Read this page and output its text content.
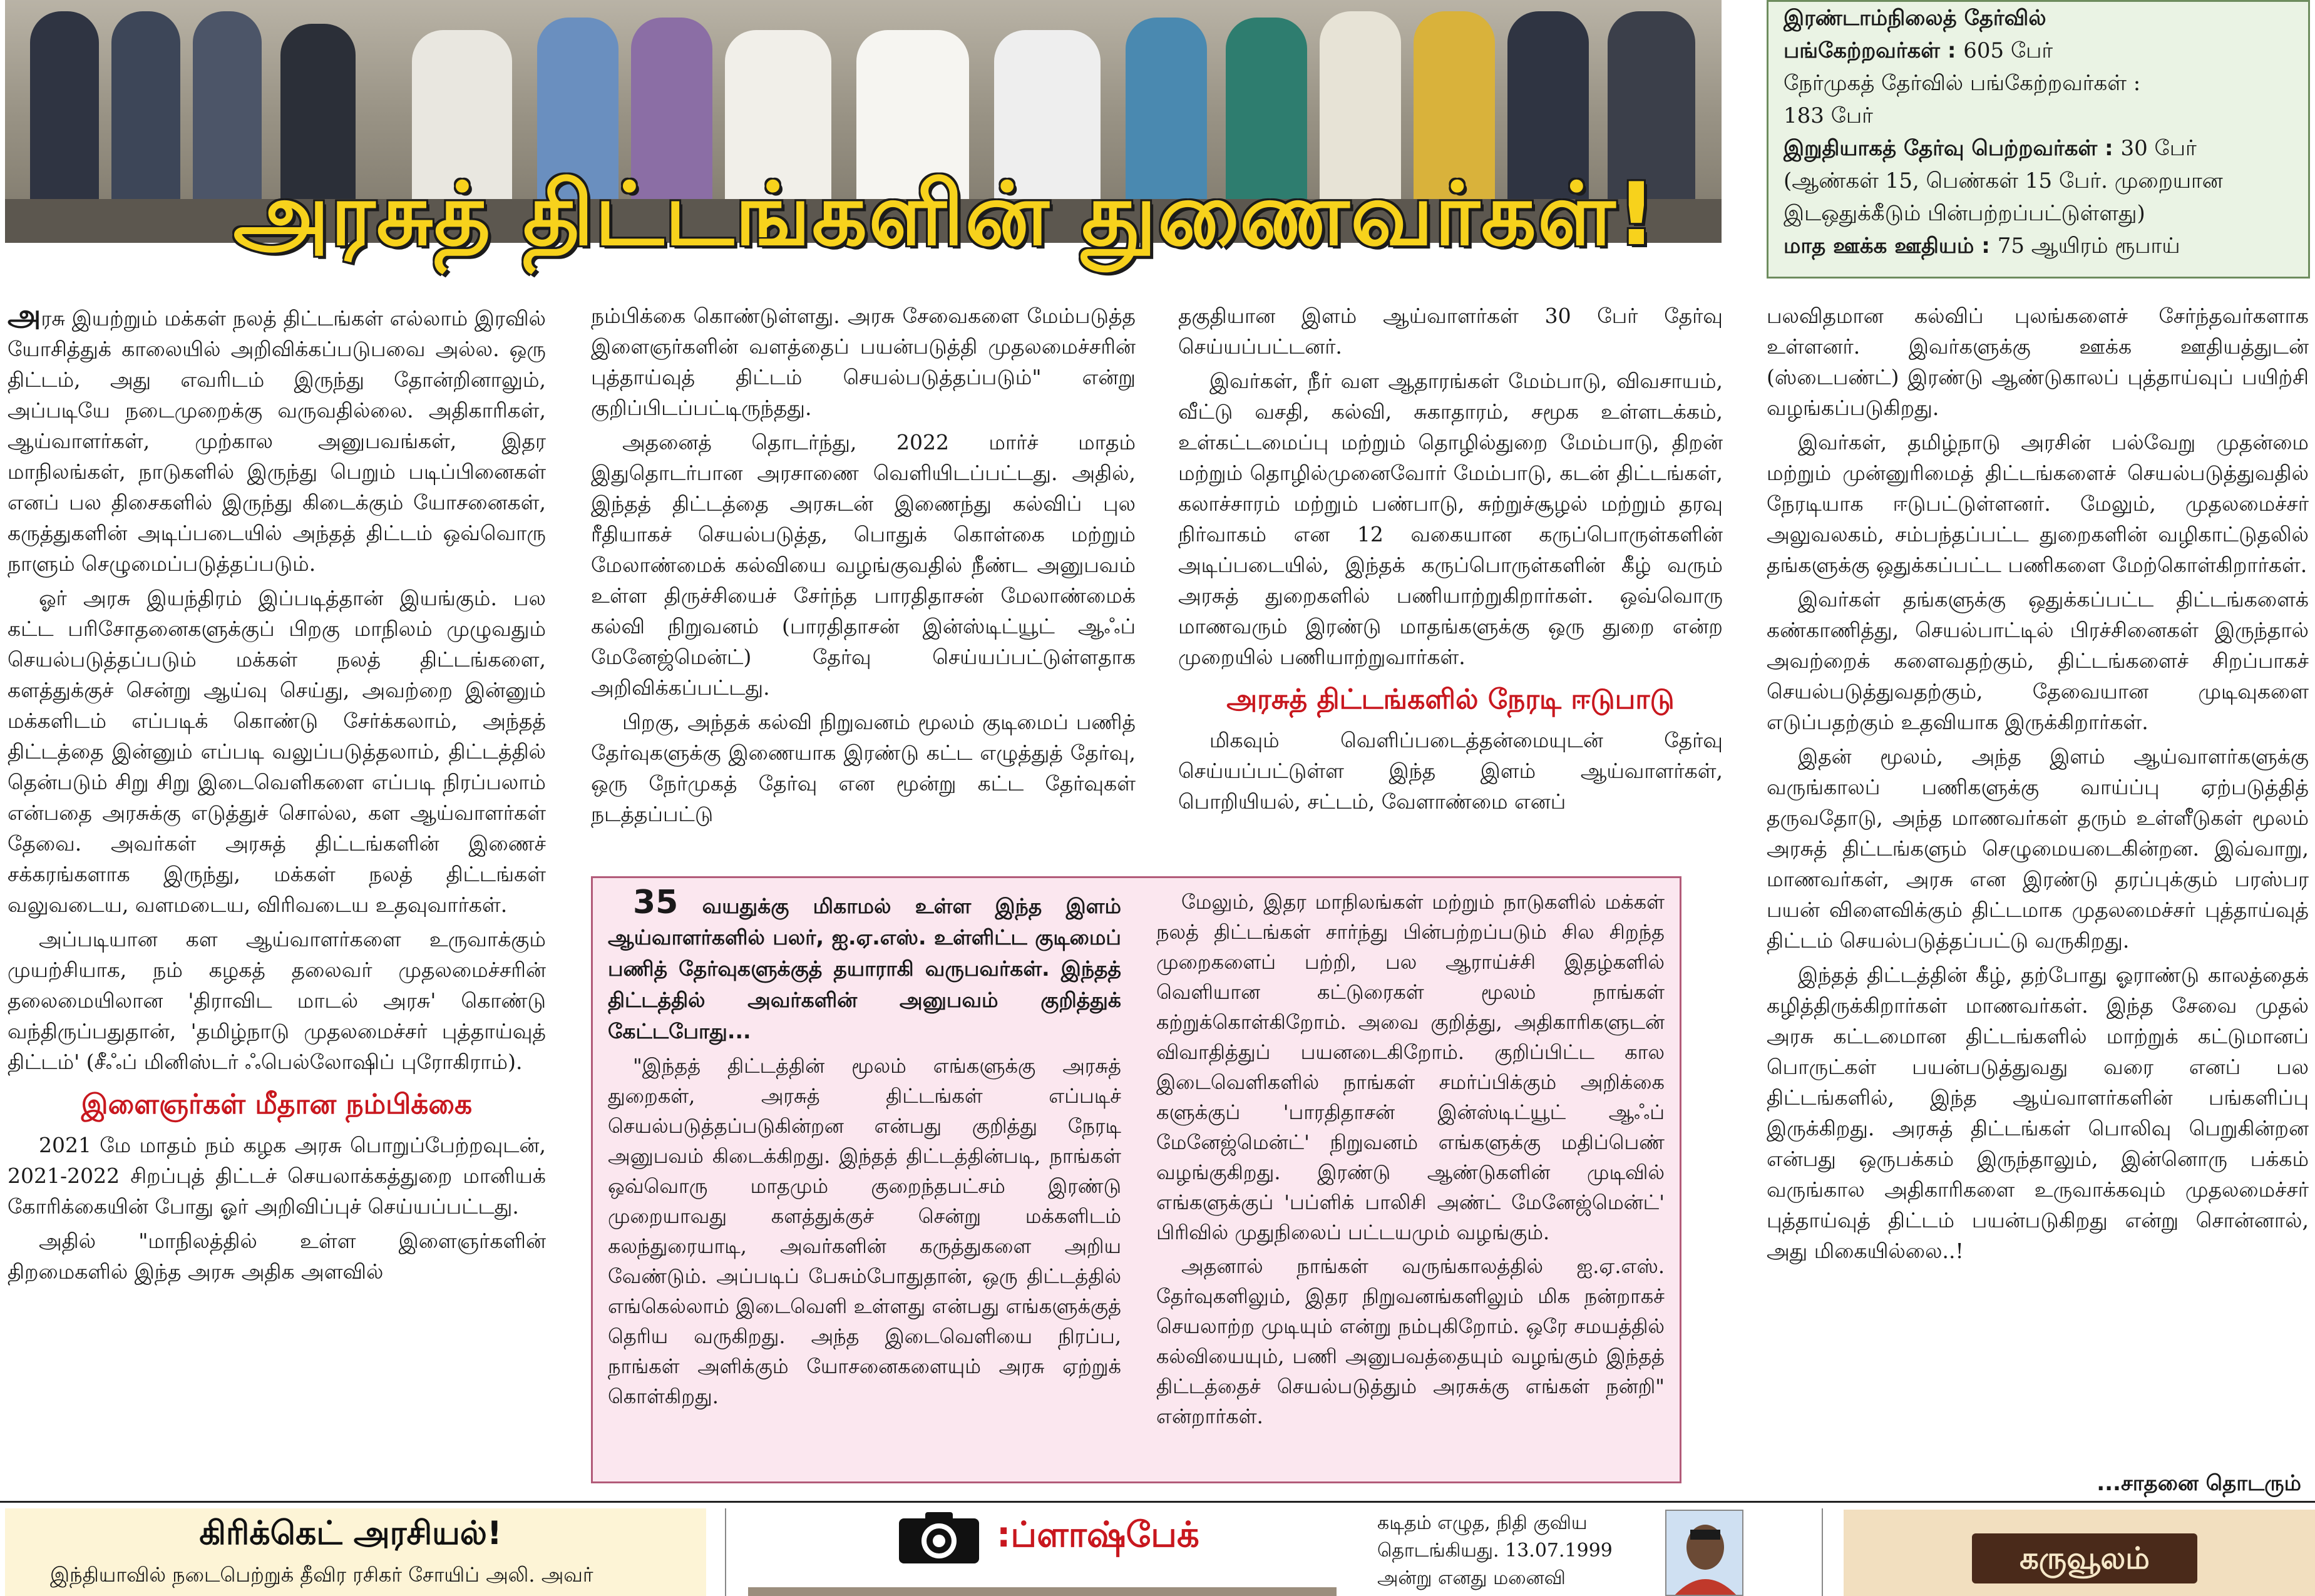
அரசுத் திட்டங்களின் துணைவர்கள்!
இரண்டாம்நிலைத் தேர்வில்
பங்கேற்றவர்கள் : 605 பேர்
நேர்முகத் தேர்வில் பங்கேற்றவர்கள் :
183 பேர்
இறுதியாகத் தேர்வு பெற்றவர்கள் : 30 பேர்
(ஆண்கள் 15, பெண்கள் 15 பேர். முறையான
இடஒதுக்கீடும் பின்பற்றப்பட்டுள்ளது)
மாத ஊக்க ஊதியம் : 75 ஆயிரம் ரூபாய்

அரசு இயற்றும் மக்கள் நலத் திட்டங்கள் எல்லாம் இரவில் யோசித்துக் காலையில் அறிவிக்கப்படுபவை அல்ல. ஒரு திட்டம், அது எவரிடம் இருந்து தோன்றினாலும், அப்படியே நடைமுறைக்கு வருவதில்லை. அதிகாரிகள், ஆய்வாளர்கள், முற்கால அனுபவங்கள், இதர மாநிலங்கள், நாடுகளில் இருந்து பெறும் படிப்பினைகள் எனப் பல திசைகளில் இருந்து கிடைக்கும் யோசனைகள், கருத்துகளின் அடிப்படையில் அந்தத் திட்டம் ஒவ்வொரு நாளும் செழுமைப்படுத்தப்படும்.

ஓர் அரசு இயந்திரம் இப்படித்தான் இயங்கும். பல கட்ட பரிசோதனைகளுக்குப் பிறகு மாநிலம் முழுவதும் செயல்படுத்தப்படும் மக்கள் நலத் திட்டங்களை, களத்துக்குச் சென்று ஆய்வு செய்து, அவற்றை இன்னும் மக்களிடம் எப்படிக் கொண்டு சேர்க்கலாம், அந்தத் திட்டத்தை இன்னும் எப்படி வலுப்படுத்தலாம், திட்டத்தில் தென்படும் சிறு சிறு இடைவெளிகளை எப்படி நிரப்பலாம் என்பதை அரசுக்கு எடுத்துச் சொல்ல, கள ஆய்வாளர்கள் தேவை. அவர்கள் அரசுத் திட்டங்களின் இணைச் சக்கரங்களாக இருந்து, மக்கள் நலத் திட்டங்கள் வலுவடைய, வளமடைய, விரிவடைய உதவுவார்கள்.

அப்படியான கள ஆய்வாளர்களை உருவாக்கும் முயற்சியாக, நம் கழகத் தலைவர் முதலமைச்சரின் தலைமையிலான 'திராவிட மாடல் அரசு' கொண்டு வந்திருப்பதுதான், 'தமிழ்நாடு முதலமைச்சர் புத்தாய்வுத் திட்டம்' (சீஃப் மினிஸ்டர் ஃபெல்லோஷிப் புரோகிராம்).

இளைஞர்கள் மீதான நம்பிக்கை

2021 மே மாதம் நம் கழக அரசு பொறுப்பேற்றவுடன், 2021-2022 சிறப்புத் திட்டச் செயலாக்கத்துறை மானியக் கோரிக்கையின் போது ஓர் அறிவிப்புச் செய்யப்பட்டது.

அதில் "மாநிலத்தில் உள்ள இளைஞர்களின் திறமைகளில் இந்த அரசு அதிக அளவில்

நம்பிக்கை கொண்டுள்ளது. அரசு சேவைகளை மேம்படுத்த இளைஞர்களின் வளத்தைப் பயன்படுத்தி முதலமைச்சரின் புத்தாய்வுத் திட்டம் செயல்படுத்தப்படும்" என்று குறிப்பிடப்பட்டிருந்தது.

அதனைத் தொடர்ந்து, 2022 மார்ச் மாதம் இதுதொடர்பான அரசாணை வெளியிடப்பட்டது. அதில், இந்தத் திட்டத்தை அரசுடன் இணைந்து கல்விப் புல ரீதியாகச் செயல்படுத்த, பொதுக் கொள்கை மற்றும் மேலாண்மைக் கல்வியை வழங்குவதில் நீண்ட அனுபவம் உள்ள திருச்சியைச் சேர்ந்த பாரதிதாசன் மேலாண்மைக் கல்வி நிறுவனம் (பாரதிதாசன் இன்ஸ்டிட்யூட் ஆஃப் மேனேஜ்மென்ட்) தேர்வு செய்யப்பட்டுள்ளதாக அறிவிக்கப்பட்டது.

பிறகு, அந்தக் கல்வி நிறுவனம் மூலம் குடிமைப் பணித் தேர்வுகளுக்கு இணையாக இரண்டு கட்ட எழுத்துத் தேர்வு, ஒரு நேர்முகத் தேர்வு என மூன்று கட்ட தேர்வுகள் நடத்தப்பட்டு

தகுதியான இளம் ஆய்வாளர்கள் 30 பேர் தேர்வு செய்யப்பட்டனர்.

இவர்கள், நீர் வள ஆதாரங்கள் மேம்பாடு, விவசாயம், வீட்டு வசதி, கல்வி, சுகாதாரம், சமூக உள்ளடக்கம், உள்கட்டமைப்பு மற்றும் தொழில்துறை மேம்பாடு, திறன் மற்றும் தொழில்முனைவோர் மேம்பாடு, கடன் திட்டங்கள், கலாச்சாரம் மற்றும் பண்பாடு, சுற்றுச்சூழல் மற்றும் தரவு நிர்வாகம் என 12 வகையான கருப்பொருள்களின் அடிப்படையில், இந்தக் கருப்பொருள்களின் கீழ் வரும் அரசுத் துறைகளில் பணியாற்றுகிறார்கள். ஒவ்வொரு மாணவரும் இரண்டு மாதங்களுக்கு ஒரு துறை என்ற முறையில் பணியாற்றுவார்கள்.

அரசுத் திட்டங்களில் நேரடி ஈடுபாடு

மிகவும் வெளிப்படைத்தன்மையுடன் தேர்வு செய்யப்பட்டுள்ள இந்த இளம் ஆய்வாளர்கள், பொறியியல், சட்டம், வேளாண்மை எனப்

பலவிதமான கல்விப் புலங்களைச் சேர்ந்தவர்களாக உள்ளனர். இவர்களுக்கு ஊக்க ஊதியத்துடன் (ஸ்டைபண்ட்) இரண்டு ஆண்டுகாலப் புத்தாய்வுப் பயிற்சி வழங்கப்படுகிறது.

இவர்கள், தமிழ்நாடு அரசின் பல்வேறு முதன்மை மற்றும் முன்னுரிமைத் திட்டங்களைச் செயல்படுத்துவதில் நேரடியாக ஈடுபட்டுள்ளனர். மேலும், முதலமைச்சர் அலுவலகம், சம்பந்தப்பட்ட துறைகளின் வழிகாட்டுதலில் தங்களுக்கு ஒதுக்கப்பட்ட பணிகளை மேற்கொள்கிறார்கள்.

இவர்கள் தங்களுக்கு ஒதுக்கப்பட்ட திட்டங்களைக் கண்காணித்து, செயல்பாட்டில் பிரச்சினைகள் இருந்தால் அவற்றைக் களைவதற்கும், திட்டங்களைச் சிறப்பாகச் செயல்படுத்துவதற்கும், தேவையான முடிவுகளை எடுப்பதற்கும் உதவியாக இருக்கிறார்கள்.

இதன் மூலம், அந்த இளம் ஆய்வாளர்களுக்கு வருங்காலப் பணிகளுக்கு வாய்ப்பு ஏற்படுத்தித் தருவதோடு, அந்த மாணவர்கள் தரும் உள்ளீடுகள் மூலம் அரசுத் திட்டங்களும் செழுமையடைகின்றன. இவ்வாறு, மாணவர்கள், அரசு என இரண்டு தரப்புக்கும் பரஸ்பர பயன் விளைவிக்கும் திட்டமாக முதலமைச்சர் புத்தாய்வுத் திட்டம் செயல்படுத்தப்பட்டு வருகிறது.

இந்தத் திட்டத்தின் கீழ், தற்போது ஓராண்டு காலத்தைக் கழித்திருக்கிறார்கள் மாணவர்கள். இந்த சேவை முதல் அரசு கட்டமைான திட்டங்களில் மாற்றுக் கட்டுமானப் பொருட்கள் பயன்படுத்துவது வரை எனப் பல திட்டங்களில், இந்த ஆய்வாளர்களின் பங்களிப்பு இருக்கிறது. அரசுத் திட்டங்கள் பொலிவு பெறுகின்றன என்பது ஒருபக்கம் இருந்தாலும், இன்னொரு பக்கம் வருங்கால அதிகாரிகளை உருவாக்கவும் முதலமைச்சர் புத்தாய்வுத் திட்டம் பயன்படுகிறது என்று சொன்னால், அது மிகையில்லை..!

...சாதனை தொடரும்

35 வயதுக்கு மிகாமல் உள்ள இந்த இளம் ஆய்வாளர்களில் பலர், ஐ.ஏ.எஸ். உள்ளிட்ட குடிமைப் பணித் தேர்வுகளுக்குத் தயாராகி வருபவர்கள். இந்தத் திட்டத்தில் அவர்களின் அனுபவம் குறித்துக் கேட்டபோது...

"இந்தத் திட்டத்தின் மூலம் எங்களுக்கு அரசுத் துறைகள், அரசுத் திட்டங்கள் எப்படிச் செயல்படுத்தப்படுகின்றன என்பது குறித்து நேரடி அனுபவம் கிடைக்கிறது. இந்தத் திட்டத்தின்படி, நாங்கள் ஒவ்வொரு மாதமும் குறைந்தபட்சம் இரண்டு முறையாவது களத்துக்குச் சென்று மக்களிடம் கலந்துரையாடி, அவர்களின் கருத்துகளை அறிய வேண்டும். அப்படிப் பேசும்போதுதான், ஒரு திட்டத்தில் எங்கெல்லாம் இடைவெளி உள்ளது என்பது எங்களுக்குத் தெரிய வருகிறது. அந்த இடைவெளியை நிரப்ப, நாங்கள் அளிக்கும் யோசனைகளையும் அரசு ஏற்றுக் கொள்கிறது.

மேலும், இதர மாநிலங்கள் மற்றும் நாடுகளில் மக்கள் நலத் திட்டங்கள் சார்ந்து பின்பற்றப்படும் சில சிறந்த முறைகளைப் பற்றி, பல ஆராய்ச்சி இதழ்களில் வெளியான கட்டுரைகள் மூலம் நாங்கள் கற்றுக்கொள்கிறோம். அவை குறித்து, அதிகாரிகளுடன் விவாதித்துப் பயனடைகிறோம். குறிப்பிட்ட கால இடைவெளிகளில் நாங்கள் சமர்ப்பிக்கும் அறிக்கை களுக்குப் 'பாரதிதாசன் இன்ஸ்டிட்யூட் ஆஃப் மேனேஜ்மென்ட்' நிறுவனம் எங்களுக்கு மதிப்பெண் வழங்குகிறது. இரண்டு ஆண்டுகளின் முடிவில் எங்களுக்குப் 'பப்ளிக் பாலிசி அண்ட் மேனேஜ்மென்ட்' பிரிவில் முதுநிலைப் பட்டயமும் வழங்கும்.

அதனால் நாங்கள் வருங்காலத்தில் ஐ.ஏ.எஸ். தேர்வுகளிலும், இதர நிறுவனங்களிலும் மிக நன்றாகச் செயலாற்ற முடியும் என்று நம்புகிறோம். ஒரே சமயத்தில் கல்வியையும், பணி அனுபவத்தையும் வழங்கும் இந்தத் திட்டத்தைச் செயல்படுத்தும் அரசுக்கு எங்கள் நன்றி" என்றார்கள்.

கிரிக்கெட் அரசியல்!
இந்தியாவில் நடைபெற்றுக் தீவிர ரசிகர் சோயிப் அலி. அவர்
:ப்ளாஷ்பேக்	கடிதம் எழுத, நிதி குவிய
தொடங்கியது. 13.07.1999
அன்று எனது மனைவி
கருவூலம்
